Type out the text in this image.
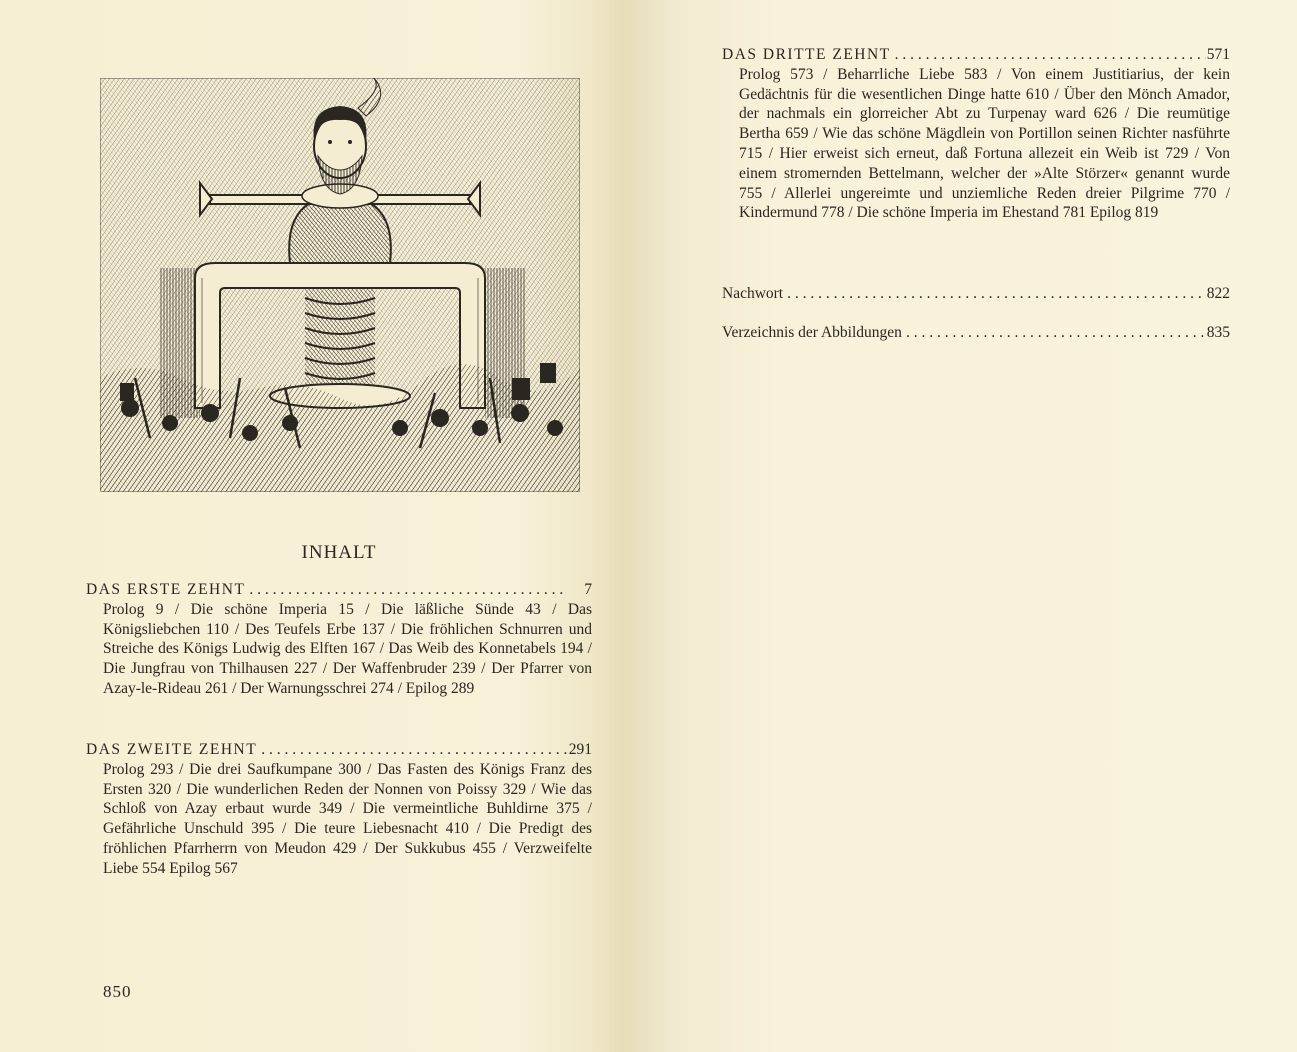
INHALT
DAS ERSTE ZEHNT . . .	7
Prolog 9 / Die schöne Imperia 15 / Die läßliche Sünde 43 / Das Königsliebchen 110 / Des Teufels Erbe 137 / Die fröhlichen Schnurren und Streiche des Königs Ludwig des Elften 167 / Das Weib des Konnetabels 194 / Die Jungfrau von Thilhausen 227 / Der Waffenbruder 239 / Der Pfarrer von Azay-le-Rideau 261 / Der Warnungsschrei 274 / Epilog 289
DAS ZWEITE ZEHNT . . .	291
Prolog 293 / Die drei Saufkumpane 300 / Das Fasten des Königs Franz des Ersten 320 / Die wunderlichen Reden der Nonnen von Poissy 329 / Wie das Schloß von Azay erbaut wurde 349 / Die vermeintliche Buhldirne 375 / Gefährliche Unschuld 395 / Die teure Liebesnacht 410 / Die Predigt des fröhlichen Pfarrherrn von Meudon 429 / Der Sukkubus 455 / Verzweifelte Liebe 554 Epilog 567
850
DAS DRITTE ZEHNT . . .	571
Prolog 573 / Beharrliche Liebe 583 / Von einem Justitiarius, der kein Gedächtnis für die wesentlichen Dinge hatte 610 / Über den Mönch Amador, der nachmals ein glorreicher Abt zu Turpenay ward 626 / Die reumütige Bertha 659 / Wie das schöne Mägdlein von Portillon seinen Richter nasführte 715 / Hier erweist sich erneut, daß Fortuna allezeit ein Weib ist 729 / Von einem stromernden Bettelmann, welcher der »Alte Störzer« genannt wurde 755 / Allerlei ungereimte und unziemliche Reden dreier Pilgrime 770 / Kindermund 778 / Die schöne Imperia im Ehestand 781 Epilog 819
Nachwort . . .	822
Verzeichnis der Abbildungen . . .	835
